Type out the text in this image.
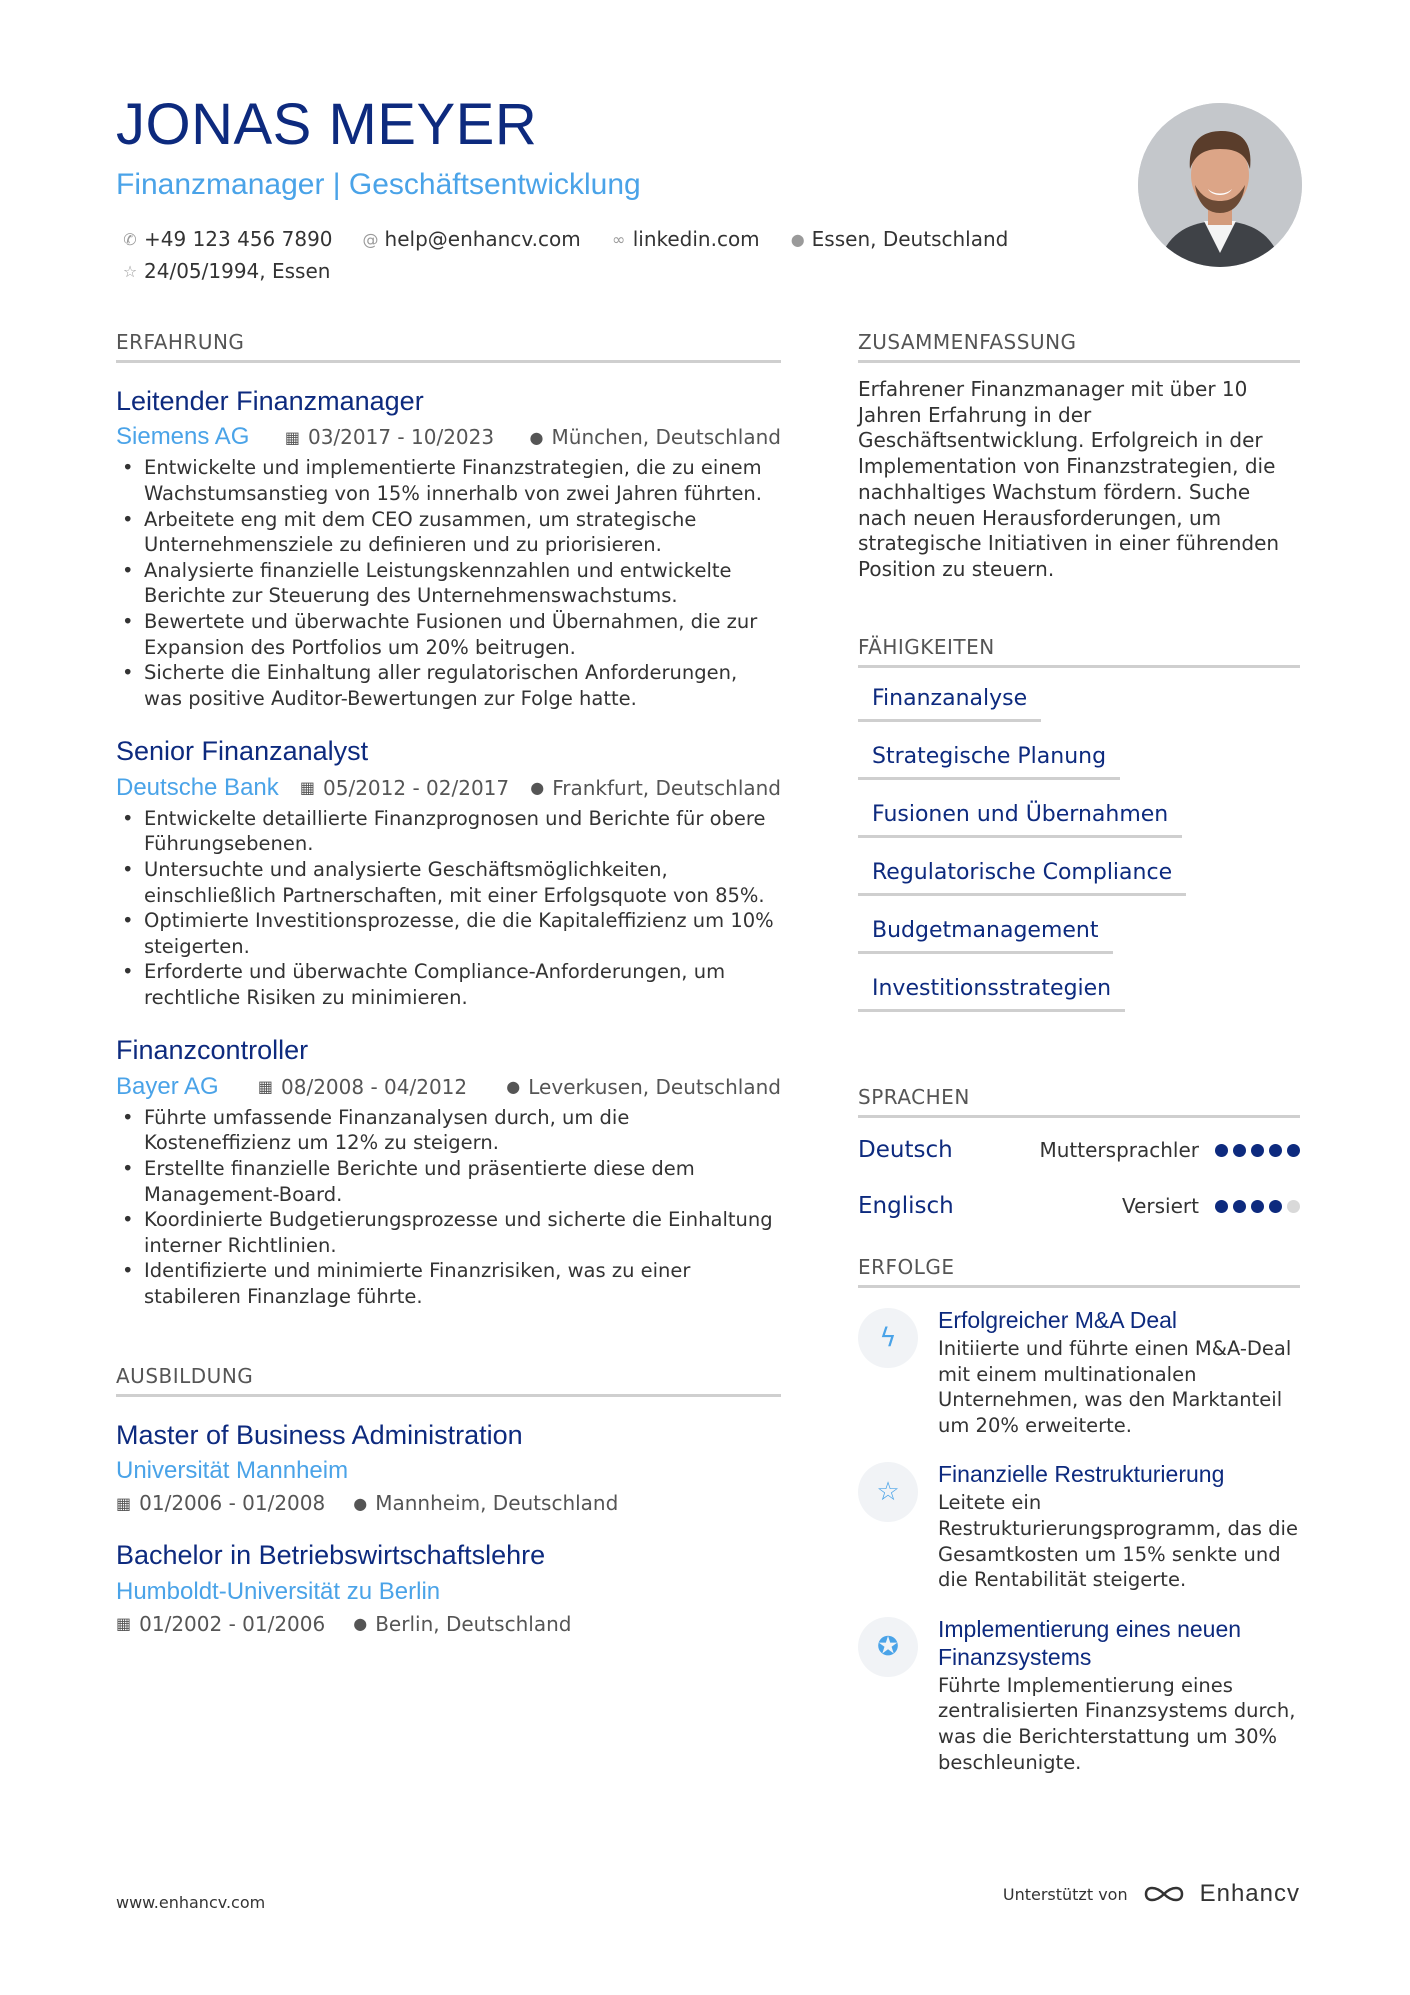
JONAS MEYER
Finanzmanager | Geschäftsentwicklung
✆ +49 123 456 7890 @ help@enhancv.com ∞ linkedin.com ● Essen, Deutschland
☆ 24/05/1994, Essen
ERFAHRUNG
Leitender Finanzmanager
Siemens AG ▦ 03/2017 - 10/2023 ● München, Deutschland
• Entwickelte und implementierte Finanzstrategien, die zu einem Wachstumsanstieg von 15% innerhalb von zwei Jahren führten.
• Arbeitete eng mit dem CEO zusammen, um strategische Unternehmensziele zu definieren und zu priorisieren.
• Analysierte finanzielle Leistungskennzahlen und entwickelte Berichte zur Steuerung des Unternehmenswachstums.
• Bewertete und überwachte Fusionen und Übernahmen, die zur Expansion des Portfolios um 20% beitrugen.
• Sicherte die Einhaltung aller regulatorischen Anforderungen, was positive Auditor-Bewertungen zur Folge hatte.
Senior Finanzanalyst
Deutsche Bank ▦ 05/2012 - 02/2017 ● Frankfurt, Deutschland
• Entwickelte detaillierte Finanzprognosen und Berichte für obere Führungsebenen.
• Untersuchte und analysierte Geschäftsmöglichkeiten, einschließlich Partnerschaften, mit einer Erfolgsquote von 85%.
• Optimierte Investitionsprozesse, die die Kapitaleffizienz um 10% steigerten.
• Erforderte und überwachte Compliance-Anforderungen, um rechtliche Risiken zu minimieren.
Finanzcontroller
Bayer AG ▦ 08/2008 - 04/2012 ● Leverkusen, Deutschland
• Führte umfassende Finanzanalysen durch, um die Kosteneffizienz um 12% zu steigern.
• Erstellte finanzielle Berichte und präsentierte diese dem Management-Board.
• Koordinierte Budgetierungsprozesse und sicherte die Einhaltung interner Richtlinien.
• Identifizierte und minimierte Finanzrisiken, was zu einer stabileren Finanzlage führte.
AUSBILDUNG
Master of Business Administration
Universität Mannheim
▦ 01/2006 - 01/2008 ● Mannheim, Deutschland
Bachelor in Betriebswirtschaftslehre
Humboldt-Universität zu Berlin
▦ 01/2002 - 01/2006 ● Berlin, Deutschland
ZUSAMMENFASSUNG
Erfahrener Finanzmanager mit über 10 Jahren Erfahrung in der Geschäftsentwicklung. Erfolgreich in der Implementation von Finanzstrategien, die nachhaltiges Wachstum fördern. Suche nach neuen Herausforderungen, um strategische Initiativen in einer führenden Position zu steuern.
FÄHIGKEITEN
Finanzanalyse
Strategische Planung
Fusionen und Übernahmen
Regulatorische Compliance
Budgetmanagement
Investitionsstrategien
SPRACHEN
Deutsch	Muttersprachler
Englisch	Versiert
ERFOLGE
ϟ
Erfolgreicher M&A Deal
Initiierte und führte einen M&A-Deal mit einem multinationalen Unternehmen, was den Marktanteil um 20% erweiterte.
☆
Finanzielle Restrukturierung
Leitete ein Restrukturierungsprogramm, das die Gesamtkosten um 15% senkte und die Rentabilität steigerte.
✪
Implementierung eines neuen Finanzsystems
Führte Implementierung eines zentralisierten Finanzsystems durch, was die Berichterstattung um 30% beschleunigte.
www.enhancv.com	Unterstützt von	Enhancv
